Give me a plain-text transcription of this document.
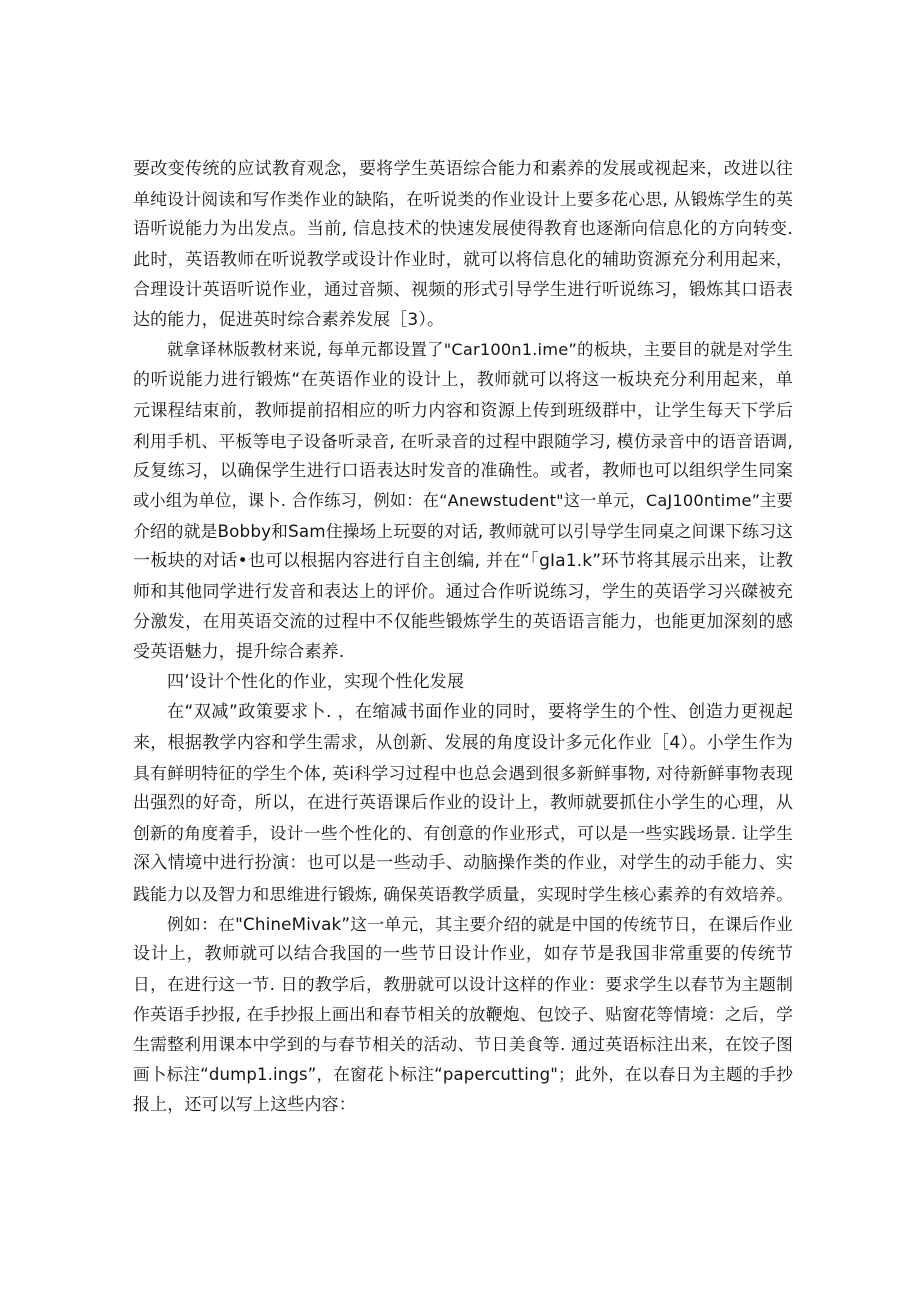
要改变传统的应试教育观念，要将学生英语综合能力和素养的发展或视起来，改进以往
单纯设计阅读和写作类作业的缺陷，在听说类的作业设计上要多花心思, 从锻炼学生的英
语听说能力为出发点。当前, 信息技术的快速发展使得教育也逐渐向信息化的方向转变.
此时，英语教师在听说教学或设计作业时，就可以将信息化的辅助资源充分利用起来，
合理设计英语听说作业，通过音频、视频的形式引导学生进行听说练习，锻炼其口语表
达的能力，促进英时综合素养发展［3）。
就拿译林版教材来说, 每单元都设置了"Car100n1.ime”的板块，主要目的就是对学生
的听说能力进行锻炼“在英语作业的设计上，教师就可以将这一板块充分利用起来，单
元课程结束前，教师提前招相应的听力内容和资源上传到班级群中，让学生每天下学后
利用手机、平板等电子设备听录音, 在听录音的过程中跟随学习, 模仿录音中的语音语调,
反复练习，以确保学生进行口语表达时发音的准确性。或者，教师也可以组织学生同案
或小组为单位，课卜. 合作练习，例如：在“Anewstudent"这一单元，CaJ100ntime”主要
介绍的就是Bobby和Sam住操场上玩耍的对话, 教师就可以引导学生同桌之间课下练习这
一板块的对话•也可以根据内容进行自主创编, 并在“「gIa1.k”环节将其展示出来，让教
师和其他同学进行发音和表达上的评价。通过合作听说练习，学生的英语学习兴磔被充
分激发，在用英语交流的过程中不仅能些锻炼学生的英语语言能力，也能更加深刻的感
受英语魅力，提升综合素养.
四’设计个性化的作业，实现个性化发展
在“双减”政策要求卜. ，在缩减书面作业的同时，要将学生的个性、创造力更视起
来，根据教学内容和学生需求，从创新、发展的角度设计多元化作业［4）。小学生作为
具有鲜明特征的学生个体, 英i科学习过程中也总会遇到很多新鲜事物, 对待新鲜事物表现
出强烈的好奇，所以，在进行英语课后作业的设计上，教师就要抓住小学生的心理，从
创新的角度着手，设计一些个性化的、有创意的作业形式，可以是一些实践场景. 让学生
深入情境中进行扮演：也可以是一些动手、动脑操作类的作业，对学生的动手能力、实
践能力以及智力和思维进行锻炼, 确保英语教学质量，实现时学生核心素养的有效培养。
例如：在"ChineMivak”这一单元，其主要介绍的就是中国的传统节日，在课后作业
设计上，教师就可以结合我国的一些节日设计作业，如存节是我国非常重要的传统节
日，在进行这一节. 日的教学后，教册就可以设计这样的作业：要求学生以春节为主题制
作英语手抄报, 在手抄报上画出和春节相关的放鞭炮、包饺子、贴窗花等情境：之后，学
生需整利用课本中学到的与春节相关的活动、节日美食等. 通过英语标注出来，在饺子图
画卜标注“dump1.ings”，在窗花卜标注“papercutting"；此外，在以春日为主题的手抄
报上，还可以写上这些内容：
